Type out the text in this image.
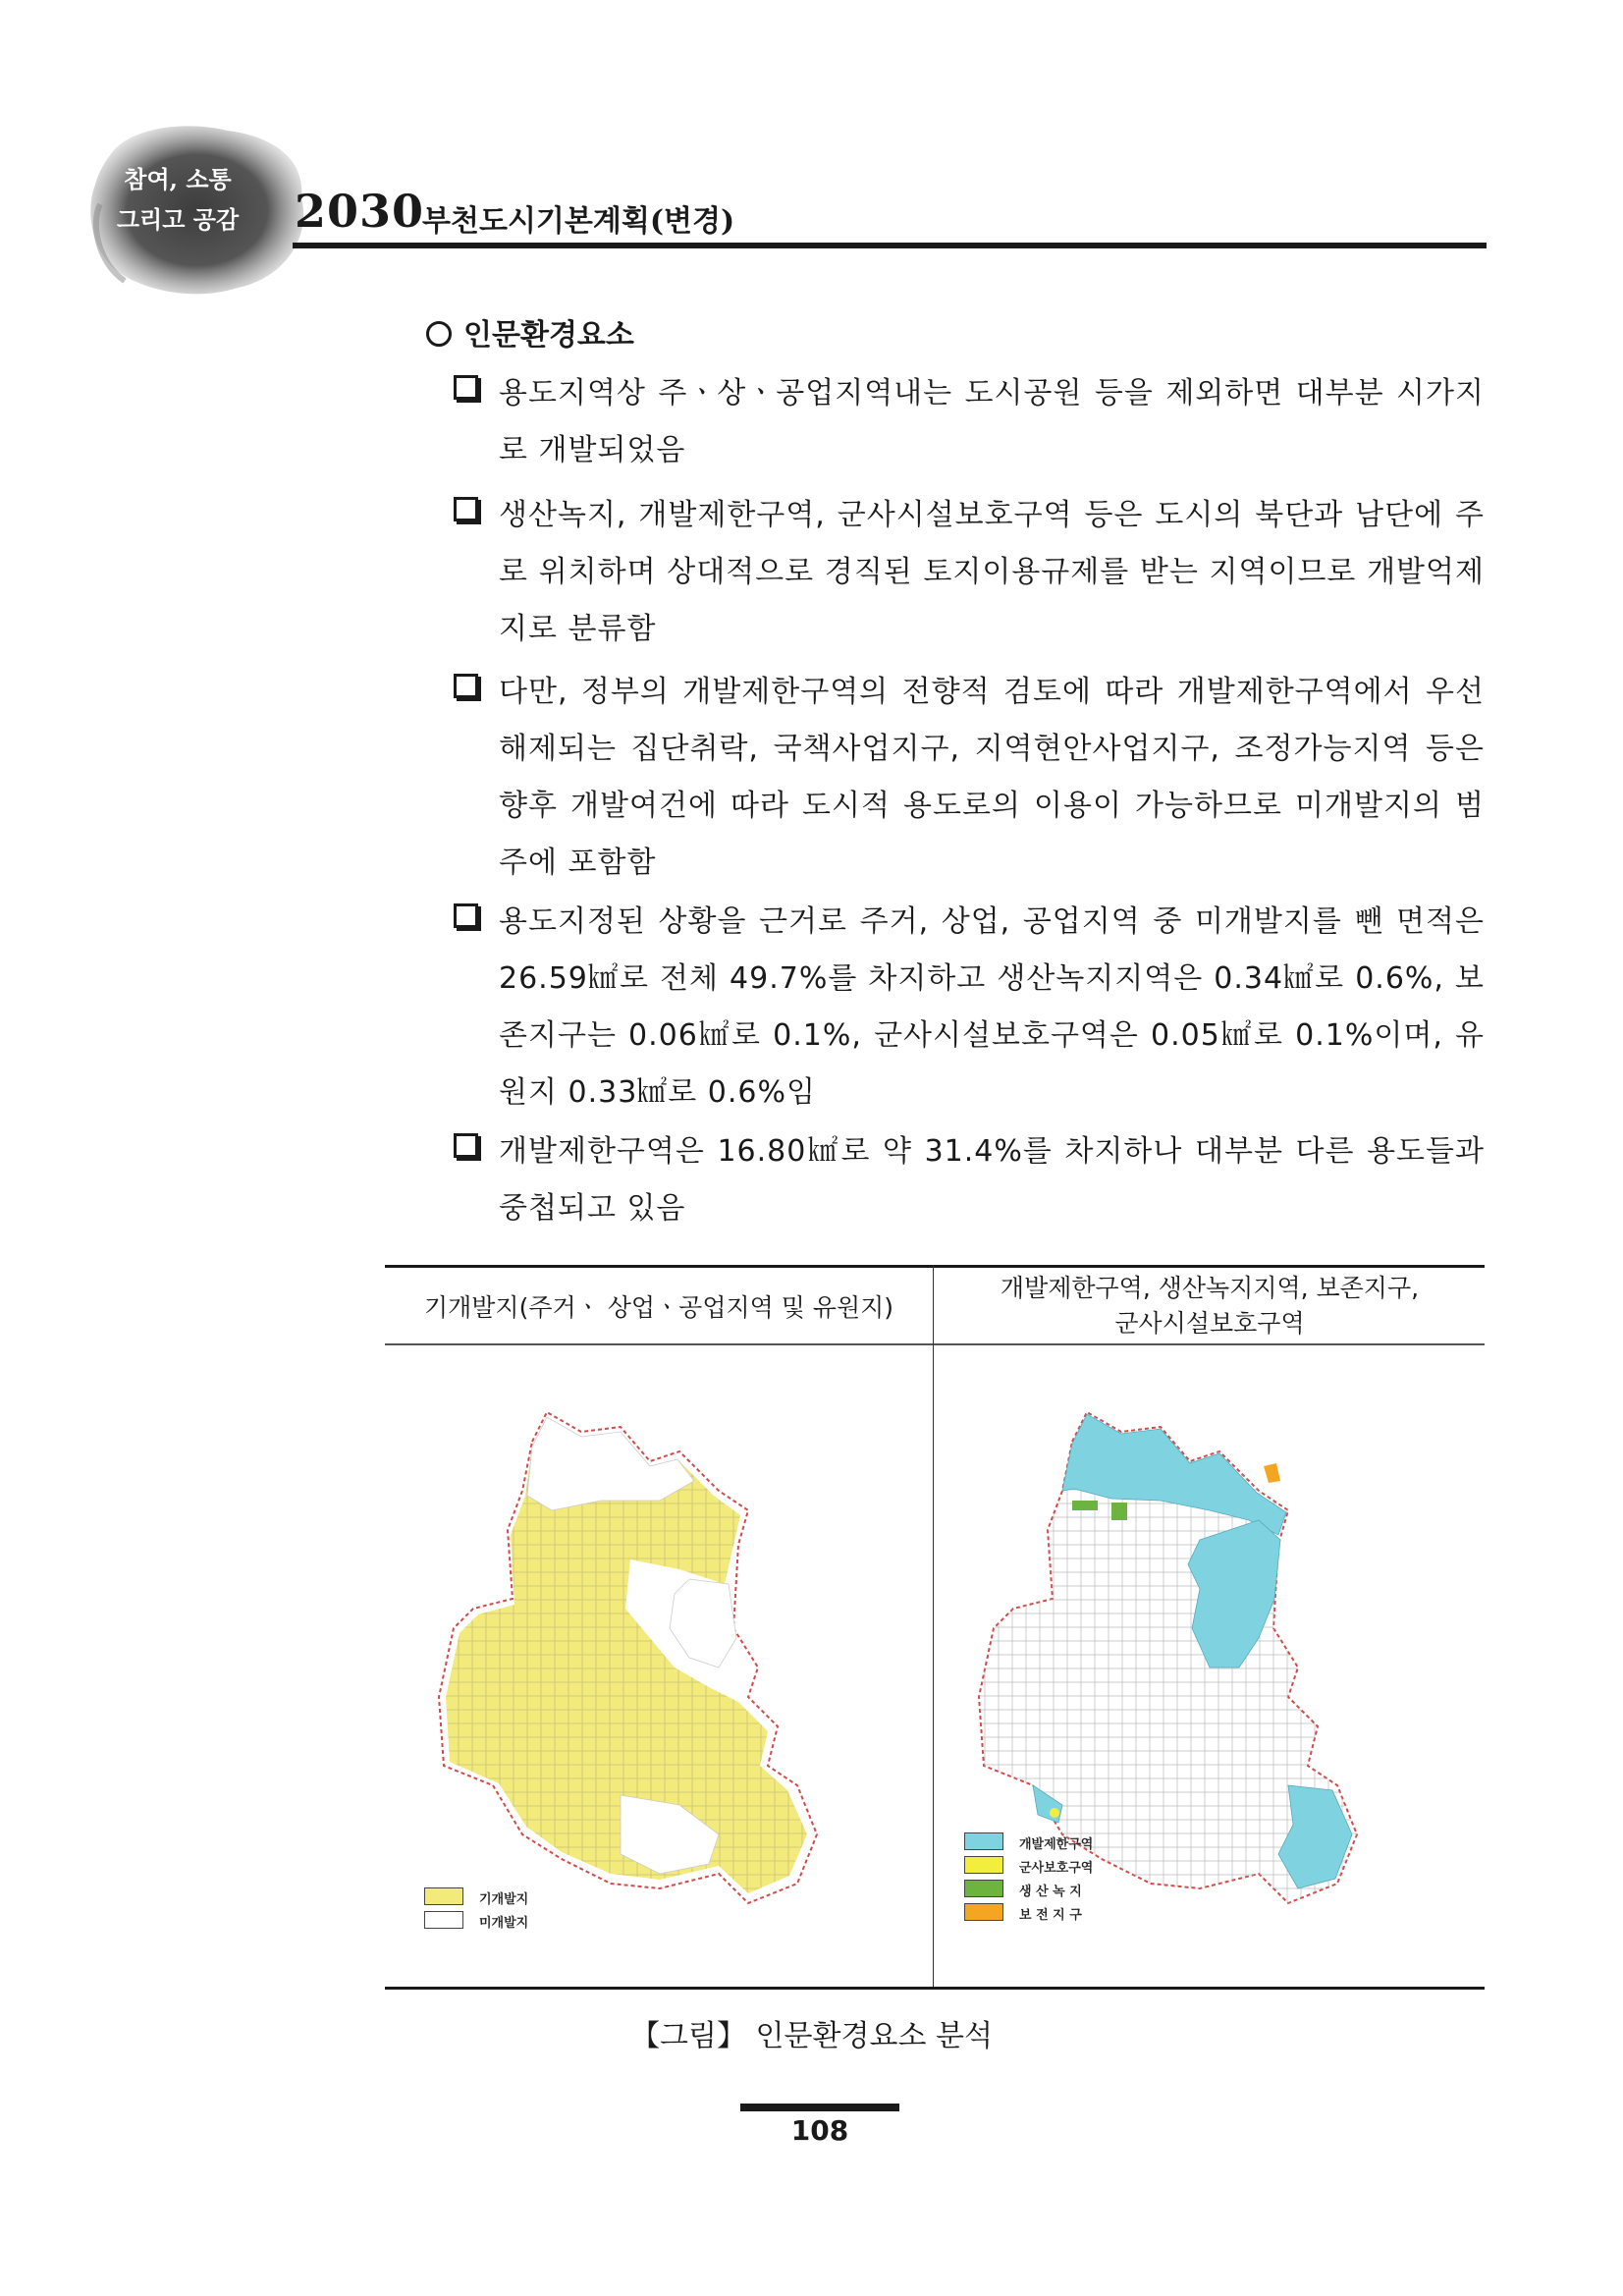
참여, 소통
그리고 공감	2030
부천도시기본계획(변경)
인문환경요소
용도지역상 주ㆍ상ㆍ공업지역내는 도시공원 등을 제외하면 대부분 시가지로 개발되었음
생산녹지, 개발제한구역, 군사시설보호구역 등은 도시의 북단과 남단에 주로 위치하며 상대적으로 경직된 토지이용규제를 받는 지역이므로 개발억제지로 분류함
다만, 정부의 개발제한구역의 전향적 검토에 따라 개발제한구역에서 우선해제되는 집단취락, 국책사업지구, 지역현안사업지구, 조정가능지역 등은 향후 개발여건에 따라 도시적 용도로의 이용이 가능하므로 미개발지의 범주에 포함함
용도지정된 상황을 근거로 주거, 상업, 공업지역 중 미개발지를 뺀 면적은 26.59㎢로 전체 49.7%를 차지하고 생산녹지지역은 0.34㎢로 0.6%, 보존지구는 0.06㎢로 0.1%, 군사시설보호구역은 0.05㎢로 0.1%이며, 유원지 0.33㎢로 0.6%임
개발제한구역은 16.80㎢로 약 31.4%를 차지하나 대부분 다른 용도들과 중첩되고 있음
기개발지(주거ㆍ 상업ㆍ공업지역 및 유원지)
개발제한구역, 생산녹지지역, 보존지구,
군사시설보호구역
기개발지
미개발지
개발제한구역
군사보호구역
생 산 녹 지
보 전 지 구
【그림】 인문환경요소 분석
108
